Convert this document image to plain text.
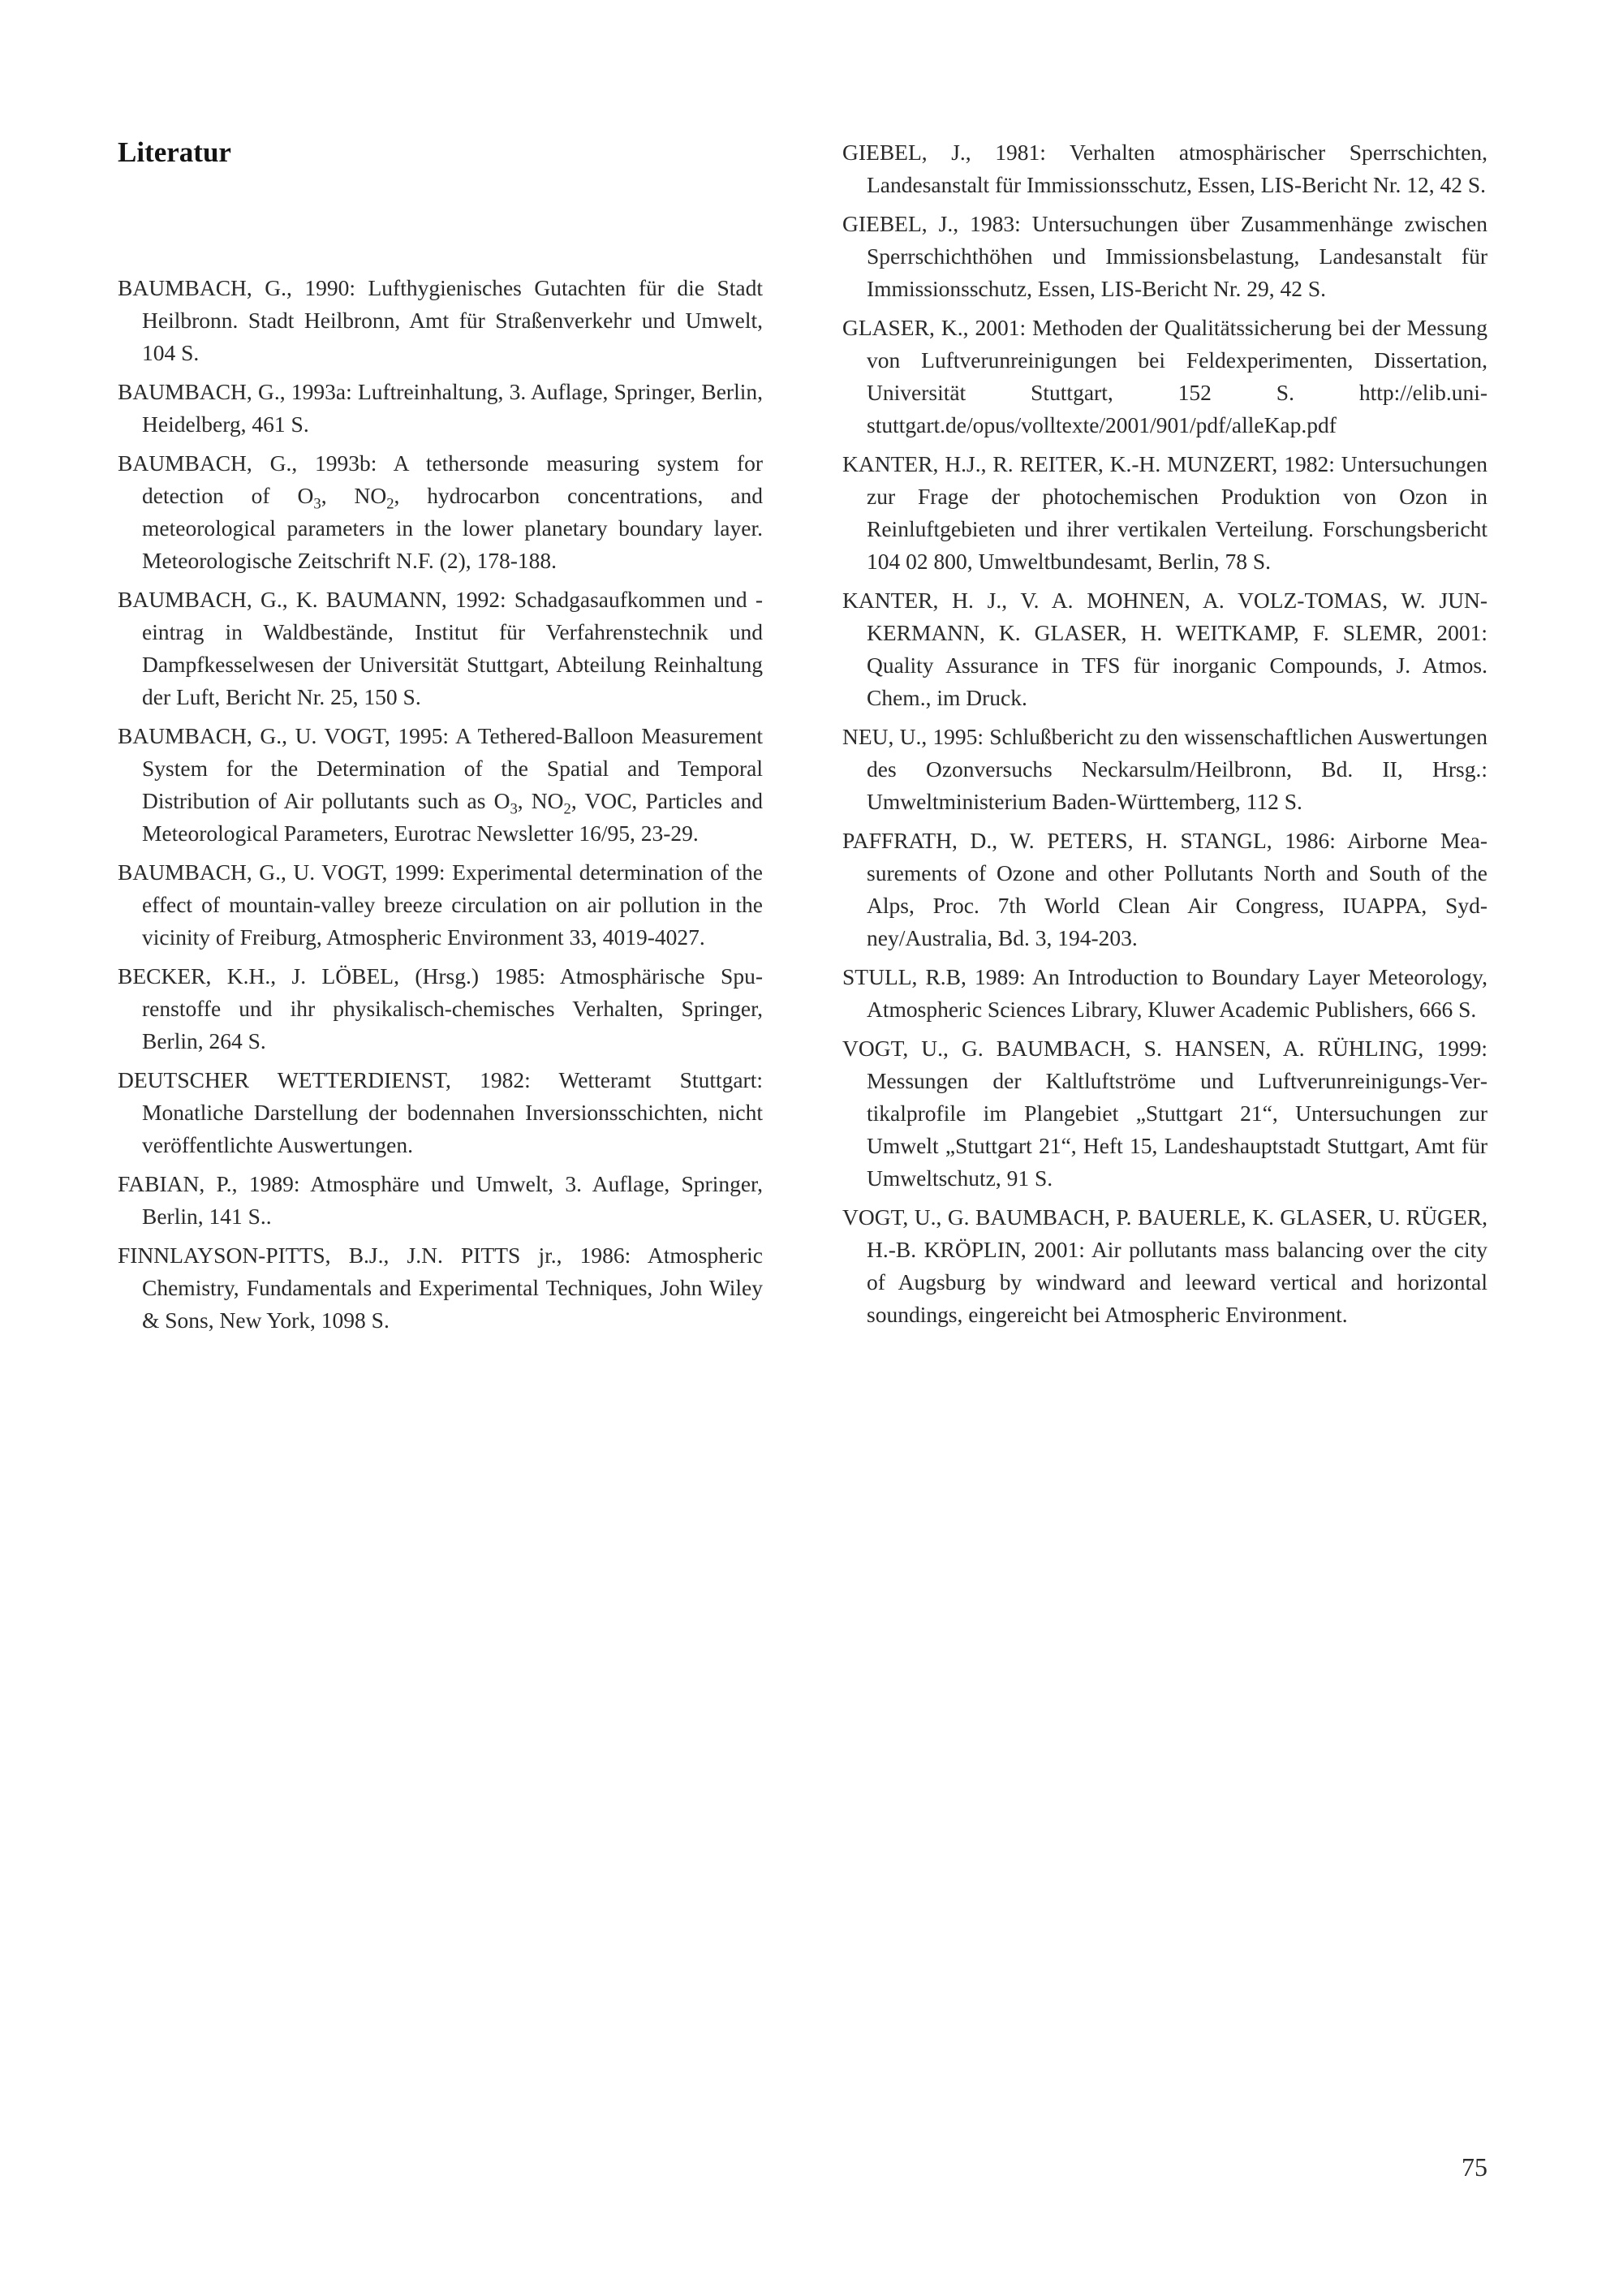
Literatur

BAUMBACH, G., 1990: Lufthygienisches Gutachten für die Stadt Heilbronn. Stadt Heilbronn, Amt für Straßenverkehr und Umwelt, 104 S.

BAUMBACH, G., 1993a: Luftreinhaltung, 3. Auflage, Springer, Berlin, Heidelberg, 461 S.

BAUMBACH, G., 1993b: A tethersonde measuring system for detection of $O_3$, $NO_2$, hydrocarbon concentrations, and meteorological parameters in the lower planetary boundary layer. Meteorologische Zeitschrift N.F. (2), 178-188.

BAUMBACH, G., K. BAUMANN, 1992: Schadgasaufkommen und -eintrag in Waldbestände, Institut für Verfahrenstechnik und Dampfkesselwesen der Universität Stuttgart, Abteilung Reinhaltung der Luft, Bericht Nr. 25, 150 S.

BAUMBACH, G., U. VOGT, 1995: A Tethered-Balloon Measurement System for the Determination of the Spatial and Temporal Distribution of Air pollutants such as $O_3$, $NO_2$, VOC, Particles and Meteorological Parameters, Eurotrac Newsletter 16/95, 23-29.

BAUMBACH, G., U. VOGT, 1999: Experimental determination of the effect of mountain-valley breeze circulation on air pollution in the vicinity of Freiburg, Atmospheric Environment 33, 4019-4027.

BECKER, K.H., J. LÖBEL, (Hrsg.) 1985: Atmosphärische Spurenstoffe und ihr physikalisch-chemisches Verhalten, Springer, Berlin, 264 S.

DEUTSCHER WETTERDIENST, 1982: Wetteramt Stuttgart: Monatliche Darstellung der bodennahen Inversionsschichten, nicht veröffentlichte Auswertungen.

FABIAN, P., 1989: Atmosphäre und Umwelt, 3. Auflage, Springer, Berlin, 141 S..

FINNLAYSON-PITTS, B.J., J.N. PITTS jr., 1986: Atmospheric Chemistry, Fundamentals and Experimental Techniques, John Wiley & Sons, New York, 1098 S.

GIEBEL, J., 1981: Verhalten atmosphärischer Sperrschichten, Landesanstalt für Immissionsschutz, Essen, LIS-Bericht Nr. 12, 42 S.

GIEBEL, J., 1983: Untersuchungen über Zusammenhänge zwischen Sperrschichthöhen und Immissionsbelastung, Landesanstalt für Immissionsschutz, Essen, LIS-Bericht Nr. 29, 42 S.

GLASER, K., 2001: Methoden der Qualitätssicherung bei der Messung von Luftverunreinigungen bei Feldexperimenten, Dissertation, Universität Stuttgart, 152 S. http://elib.uni-stuttgart.de/opus/volltexte/2001/901/pdf/alleKap.pdf

KANTER, H.J., R. REITER, K.-H. MUNZERT, 1982: Untersuchungen zur Frage der photochemischen Produktion von Ozon in Reinluftgebieten und ihrer vertikalen Verteilung. Forschungsbericht 104 02 800, Umweltbundesamt, Berlin, 78 S.

KANTER, H. J., V. A. MOHNEN, A. VOLZ-TOMAS, W. JUNKERMANN, K. GLASER, H. WEITKAMP, F. SLEMR, 2001: Quality Assurance in TFS für inorganic Compounds, J. Atmos. Chem., im Druck.

NEU, U., 1995: Schlußbericht zu den wissenschaftlichen Auswertungen des Ozonversuchs Neckarsulm/Heilbronn, Bd. II, Hrsg.: Umweltministerium Baden-Württemberg, 112 S.

PAFFRATH, D., W. PETERS, H. STANGL, 1986: Airborne Measurements of Ozone and other Pollutants North and South of the Alps, Proc. 7th World Clean Air Congress, IUAPPA, Sydney/Australia, Bd. 3, 194-203.

STULL, R.B, 1989: An Introduction to Boundary Layer Meteorology, Atmospheric Sciences Library, Kluwer Academic Publishers, 666 S.

VOGT, U., G. BAUMBACH, S. HANSEN, A. RÜHLING, 1999: Messungen der Kaltluftströme und Luftverunreinigungs-Vertikalprofile im Plangebiet „Stuttgart 21“, Untersuchungen zur Umwelt „Stuttgart 21“, Heft 15, Landeshauptstadt Stuttgart, Amt für Umweltschutz, 91 S.

VOGT, U., G. BAUMBACH, P. BAUERLE, K. GLASER, U. RÜGER, H.-B. KRÖPLIN, 2001: Air pollutants mass balancing over the city of Augsburg by windward and leeward vertical and horizontal soundings, eingereicht bei Atmospheric Environment.

75
